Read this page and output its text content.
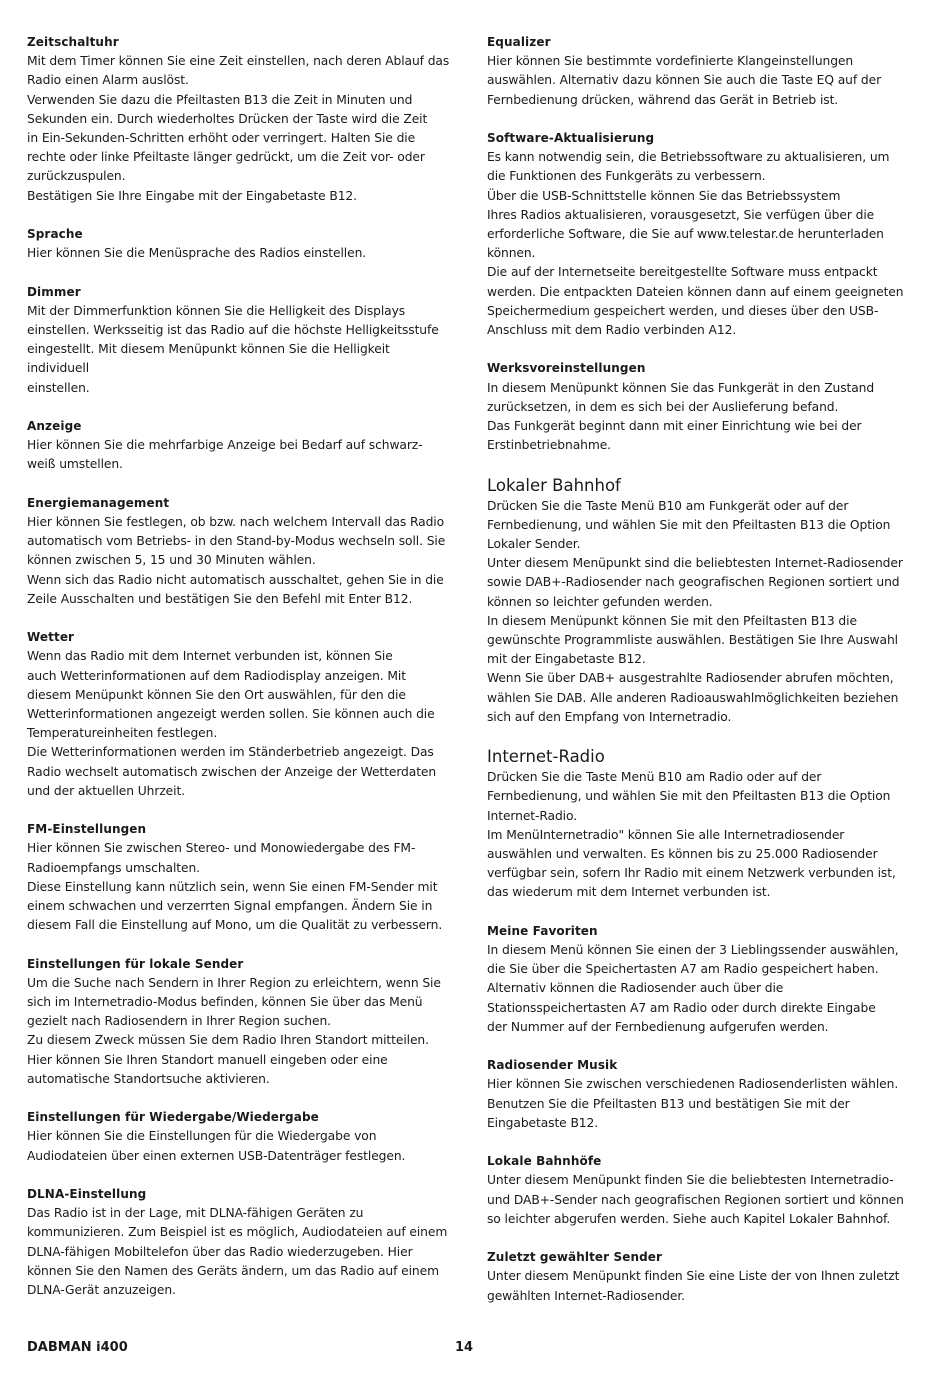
Zeitschaltuhr
Mit dem Timer können Sie eine Zeit einstellen, nach deren Ablauf das
Radio einen Alarm auslöst.
Verwenden Sie dazu die Pfeiltasten B13 die Zeit in Minuten und
Sekunden ein. Durch wiederholtes Drücken der Taste wird die Zeit
in Ein-Sekunden-Schritten erhöht oder verringert. Halten Sie die
rechte oder linke Pfeiltaste länger gedrückt, um die Zeit vor- oder
zurückzuspulen.
Bestätigen Sie Ihre Eingabe mit der Eingabetaste B12.
Sprache
Hier können Sie die Menüsprache des Radios einstellen.
Dimmer
Mit der Dimmerfunktion können Sie die Helligkeit des Displays
einstellen. Werksseitig ist das Radio auf die höchste Helligkeitsstufe
eingestellt. Mit diesem Menüpunkt können Sie die Helligkeit individuell
einstellen.
Anzeige
Hier können Sie die mehrfarbige Anzeige bei Bedarf auf schwarz-
weiß umstellen.
Energiemanagement
Hier können Sie festlegen, ob bzw. nach welchem Intervall das Radio
automatisch vom Betriebs- in den Stand-by-Modus wechseln soll. Sie
können zwischen 5, 15 und 30 Minuten wählen.
Wenn sich das Radio nicht automatisch ausschaltet, gehen Sie in die
Zeile Ausschalten und bestätigen Sie den Befehl mit Enter B12.
Wetter
Wenn das Radio mit dem Internet verbunden ist, können Sie
auch Wetterinformationen auf dem Radiodisplay anzeigen. Mit
diesem Menüpunkt können Sie den Ort auswählen, für den die
Wetterinformationen angezeigt werden sollen. Sie können auch die
Temperatureinheiten festlegen.
Die Wetterinformationen werden im Ständerbetrieb angezeigt. Das
Radio wechselt automatisch zwischen der Anzeige der Wetterdaten
und der aktuellen Uhrzeit.
FM-Einstellungen
Hier können Sie zwischen Stereo- und Monowiedergabe des FM-
Radioempfangs umschalten.
Diese Einstellung kann nützlich sein, wenn Sie einen FM-Sender mit
einem schwachen und verzerrten Signal empfangen. Ändern Sie in
diesem Fall die Einstellung auf Mono, um die Qualität zu verbessern.
Einstellungen für lokale Sender
Um die Suche nach Sendern in Ihrer Region zu erleichtern, wenn Sie
sich im Internetradio-Modus befinden, können Sie über das Menü
gezielt nach Radiosendern in Ihrer Region suchen.
Zu diesem Zweck müssen Sie dem Radio Ihren Standort mitteilen.
Hier können Sie Ihren Standort manuell eingeben oder eine
automatische Standortsuche aktivieren.
Einstellungen für Wiedergabe/Wiedergabe
Hier können Sie die Einstellungen für die Wiedergabe von
Audiodateien über einen externen USB-Datenträger festlegen.
DLNA-Einstellung
Das Radio ist in der Lage, mit DLNA-fähigen Geräten zu
kommunizieren. Zum Beispiel ist es möglich, Audiodateien auf einem
DLNA-fähigen Mobiltelefon über das Radio wiederzugeben. Hier
können Sie den Namen des Geräts ändern, um das Radio auf einem
DLNA-Gerät anzuzeigen.
Equalizer
Hier können Sie bestimmte vordefinierte Klangeinstellungen
auswählen. Alternativ dazu können Sie auch die Taste EQ auf der
Fernbedienung drücken, während das Gerät in Betrieb ist.
Software-Aktualisierung
Es kann notwendig sein, die Betriebssoftware zu aktualisieren, um
die Funktionen des Funkgeräts zu verbessern.
Über die USB-Schnittstelle können Sie das Betriebssystem
Ihres Radios aktualisieren, vorausgesetzt, Sie verfügen über die
erforderliche Software, die Sie auf www.telestar.de herunterladen
können.
Die auf der Internetseite bereitgestellte Software muss entpackt
werden. Die entpackten Dateien können dann auf einem geeigneten
Speichermedium gespeichert werden, und dieses über den USB-
Anschluss mit dem Radio verbinden A12.
Werksvoreinstellungen
In diesem Menüpunkt können Sie das Funkgerät in den Zustand
zurücksetzen, in dem es sich bei der Auslieferung befand.
Das Funkgerät beginnt dann mit einer Einrichtung wie bei der
Erstinbetriebnahme.
Lokaler Bahnhof
Drücken Sie die Taste Menü B10 am Funkgerät oder auf der
Fernbedienung, und wählen Sie mit den Pfeiltasten B13 die Option
Lokaler Sender.
Unter diesem Menüpunkt sind die beliebtesten Internet-Radiosender
sowie DAB+-Radiosender nach geografischen Regionen sortiert und
können so leichter gefunden werden.
In diesem Menüpunkt können Sie mit den Pfeiltasten B13 die
gewünschte Programmliste auswählen. Bestätigen Sie Ihre Auswahl
mit der Eingabetaste B12.
Wenn Sie über DAB+ ausgestrahlte Radiosender abrufen möchten,
wählen Sie DAB. Alle anderen Radioauswahlmöglichkeiten beziehen
sich auf den Empfang von Internetradio.
Internet-Radio
Drücken Sie die Taste Menü B10 am Radio oder auf der
Fernbedienung, und wählen Sie mit den Pfeiltasten B13 die Option
Internet-Radio.
Im MenüInternetradio" können Sie alle Internetradiosender
auswählen und verwalten. Es können bis zu 25.000 Radiosender
verfügbar sein, sofern Ihr Radio mit einem Netzwerk verbunden ist,
das wiederum mit dem Internet verbunden ist.
Meine Favoriten
In diesem Menü können Sie einen der 3 Lieblingssender auswählen,
die Sie über die Speichertasten A7 am Radio gespeichert haben.
Alternativ können die Radiosender auch über die
Stationsspeichertasten A7 am Radio oder durch direkte Eingabe
der Nummer auf der Fernbedienung aufgerufen werden.
Radiosender Musik
Hier können Sie zwischen verschiedenen Radiosenderlisten wählen.
Benutzen Sie die Pfeiltasten B13 und bestätigen Sie mit der
Eingabetaste B12.
Lokale Bahnhöfe
Unter diesem Menüpunkt finden Sie die beliebtesten Internetradio-
und DAB+-Sender nach geografischen Regionen sortiert und können
so leichter abgerufen werden. Siehe auch Kapitel Lokaler Bahnhof.
Zuletzt gewählter Sender
Unter diesem Menüpunkt finden Sie eine Liste der von Ihnen zuletzt
gewählten Internet-Radiosender.
DABMAN i400	14
